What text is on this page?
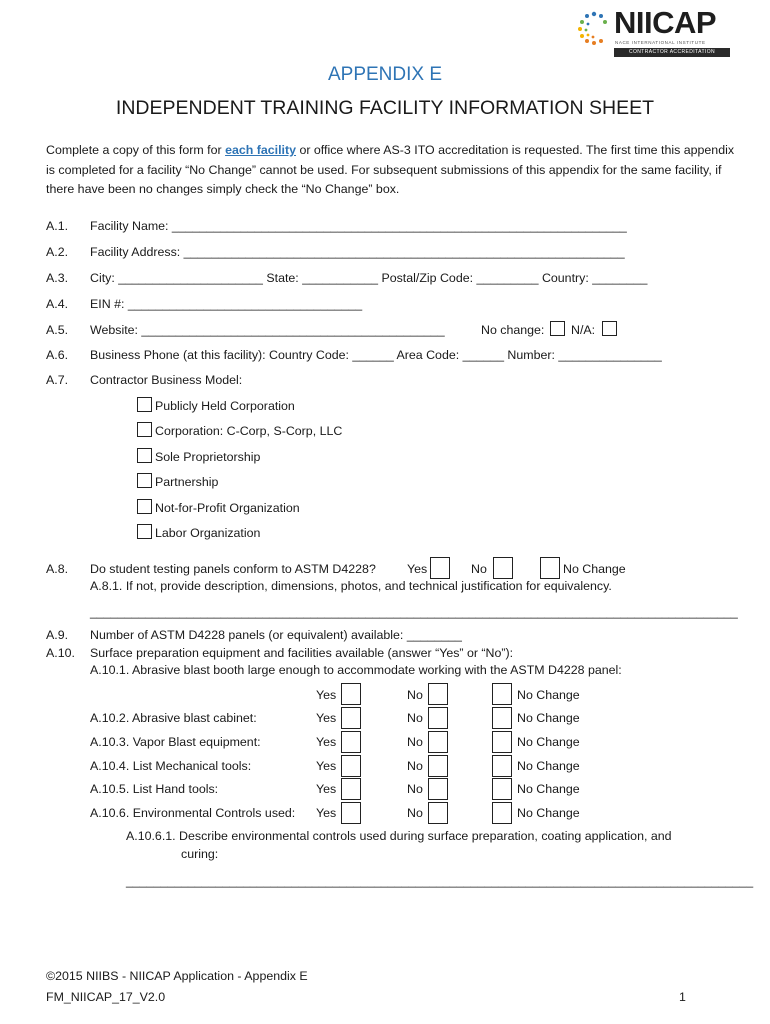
NIICAP
NACE INTERNATIONAL INSTITUTE
CONTRACTOR ACCREDITATION PROGRAM
APPENDIX E
INDEPENDENT TRAINING FACILITY INFORMATION SHEET
Complete a copy of this form for each facility or office where AS-3 ITO accreditation is requested. The first time this appendix is completed for a facility “No Change” cannot be used. For subsequent submissions of this appendix for the same facility, if there have been no changes simply check the “No Change” box.
A.1. Facility Name: __________________________________________________________________
A.2. Facility Address: ________________________________________________________________
A.3. City: _____________________ State: ___________ Postal/Zip Code: _________ Country: ________
A.4. EIN #: __________________________________
A.5. Website: ____________________________________________	No change: N/A:
A.6. Business Phone (at this facility): Country Code: ______ Area Code: ______ Number: _______________
A.7. Contractor Business Model:
Publicly Held Corporation
Corporation: C-Corp, S-Corp, LLC
Sole Proprietorship
Partnership
Not-for-Profit Organization
Labor Organization
A.8. Do student testing panels conform to ASTM D4228?	Yes	No	No Change
A.8.1. If not, provide description, dimensions, photos, and technical justification for equivalency.
______________________________________________________________________________________________
A.9. Number of ASTM D4228 panels (or equivalent) available: ________
A.10. Surface preparation equipment and facilities available (answer “Yes” or “No”):
A.10.1. Abrasive blast booth large enough to accommodate working with the ASTM D4228 panel:
Yes	No	No Change
A.10.2. Abrasive blast cabinet:	Yes	No	No Change
A.10.3. Vapor Blast equipment:	Yes	No	No Change
A.10.4. List Mechanical tools:	Yes	No	No Change
A.10.5. List Hand tools:	Yes	No	No Change
A.10.6. Environmental Controls used: Yes	No	No Change
A.10.6.1. Describe environmental controls used during surface preparation, coating application, and
curing:
___________________________________________________________________________________________
©2015 NIIBS - NIICAP Application - Appendix E
FM_NIICAP_17_V2.0	1
